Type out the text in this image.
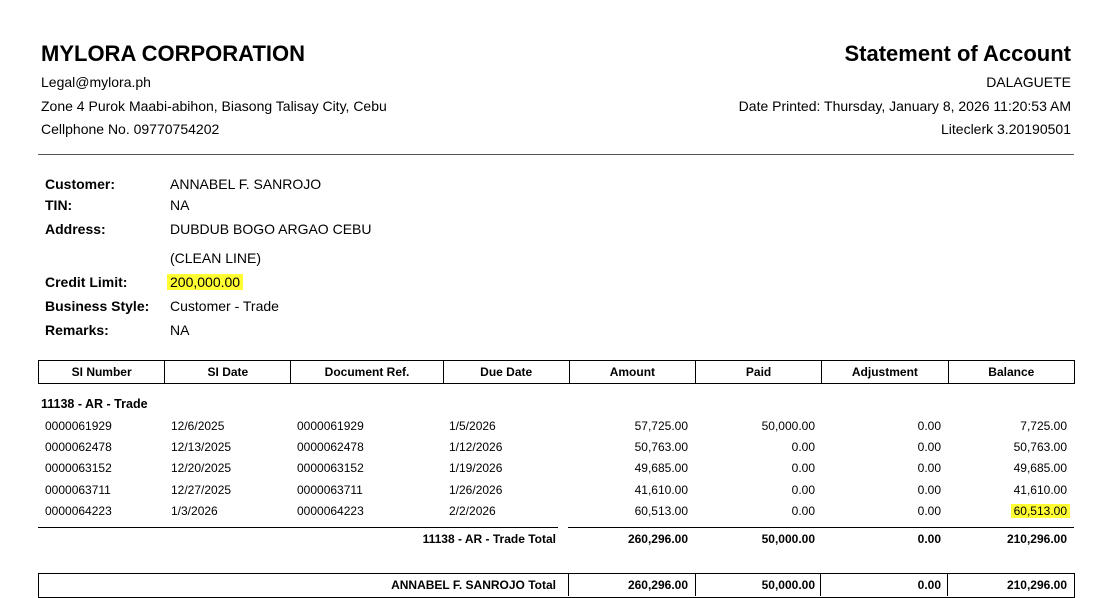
MYLORA CORPORATION
Legal@mylora.ph
Zone 4 Purok Maabi-abihon, Biasong Talisay City, Cebu
Cellphone No. 09770754202
Statement of Account
DALAGUETE
Date Printed: Thursday, January 8, 2026 11:20:53 AM
Liteclerk 3.20190501
Customer:	ANNABEL F. SANROJO
TIN:	NA
Address:	DUBDUB BOGO ARGAO CEBU
(CLEAN LINE)
Credit Limit:	200,000.00
Business Style: Customer - Trade
Remarks:	NA
SI Number	SI Date	Document Ref.	Due Date	Amount	Paid	Adjustment	Balance
11138 - AR - Trade
0000061929	12/6/2025	0000061929	1/5/2026	57,725.00	50,000.00	0.00	7,725.00
0000062478	12/13/2025	0000062478	1/12/2026	50,763.00	0.00	0.00	50,763.00
0000063152	12/20/2025	0000063152	1/19/2026	49,685.00	0.00	0.00	49,685.00
0000063711	12/27/2025	0000063711	1/26/2026	41,610.00	0.00	0.00	41,610.00
0000064223	1/3/2026	0000064223	2/2/2026	60,513.00	0.00	0.00	60,513.00
11138 - AR - Trade Total	260,296.00	50,000.00	0.00	210,296.00
ANNABEL F. SANROJO Total	260,296.00	50,000.00	0.00	210,296.00
